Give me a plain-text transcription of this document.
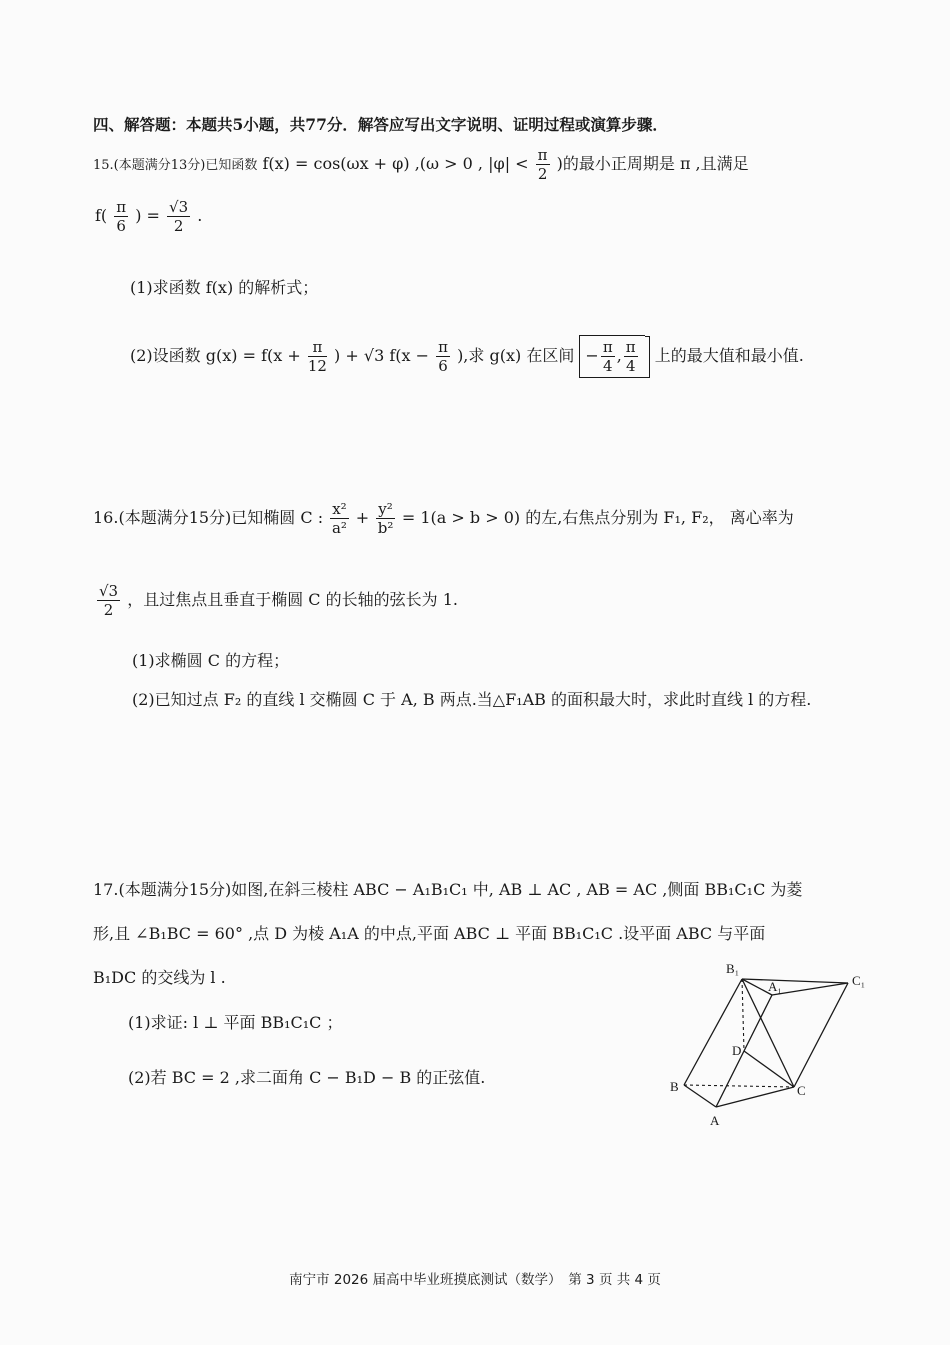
四、解答题：本题共5小题，共77分．解答应写出文字说明、证明过程或演算步骤．
15.(本题满分13分)已知函数 f(x) = cos(ωx + φ) ,(ω > 0 , $|\varphi| < \frac{\pi}{2}$ )的最小正周期是 π ,且满足
$f( \frac{\pi}{6}$ ) = $\frac{√3}{2}$ .
(1)求函数 f(x) 的解析式；
(2)设函数 $g(x) = f(x + \frac{\pi}{12}$ ) + √3 $f(x - \frac{\pi}{6}$ ),求 g(x) 在区间 − $\frac{\pi}{4}$ , $\frac{\pi}{4}$ 上的最大值和最小值.
16.(本题满分15分)已知椭圆 C : $\frac{\text{x²}}{\text{a²}} + \frac{\text{y²}}{\text{b²}} = 1(a > b > 0)$ 的左,右焦点分别为 F₁, F₂， 离心率为
$\frac{√3}{2}$ ，且过焦点且垂直于椭圆 C 的长轴的弦长为 1.
(1)求椭圆 C 的方程；
(2)已知过点 F₂ 的直线 l 交椭圆 C 于 A, B 两点.当△F₁AB 的面积最大时，求此时直线 l 的方程.
17.(本题满分15分)如图,在斜三棱柱 ABC − A₁B₁C₁ 中, AB ⊥ AC , AB = AC ,侧面 BB₁C₁C 为菱
形,且 ∠B₁BC = 60° ,点 D 为棱 A₁A 的中点,平面 ABC ⊥ 平面 BB₁C₁C .设平面 ABC 与平面
B₁DC 的交线为 l .
(1)求证: l ⊥ 平面 BB₁C₁C ；
(2)若 BC = 2 ,求二面角 C − B₁D − B 的正弦值.
B₁
C₁
A₁
D
B	C
A
南宁市 2026 届高中毕业班摸底测试（数学）　第 3 页 共 4 页
